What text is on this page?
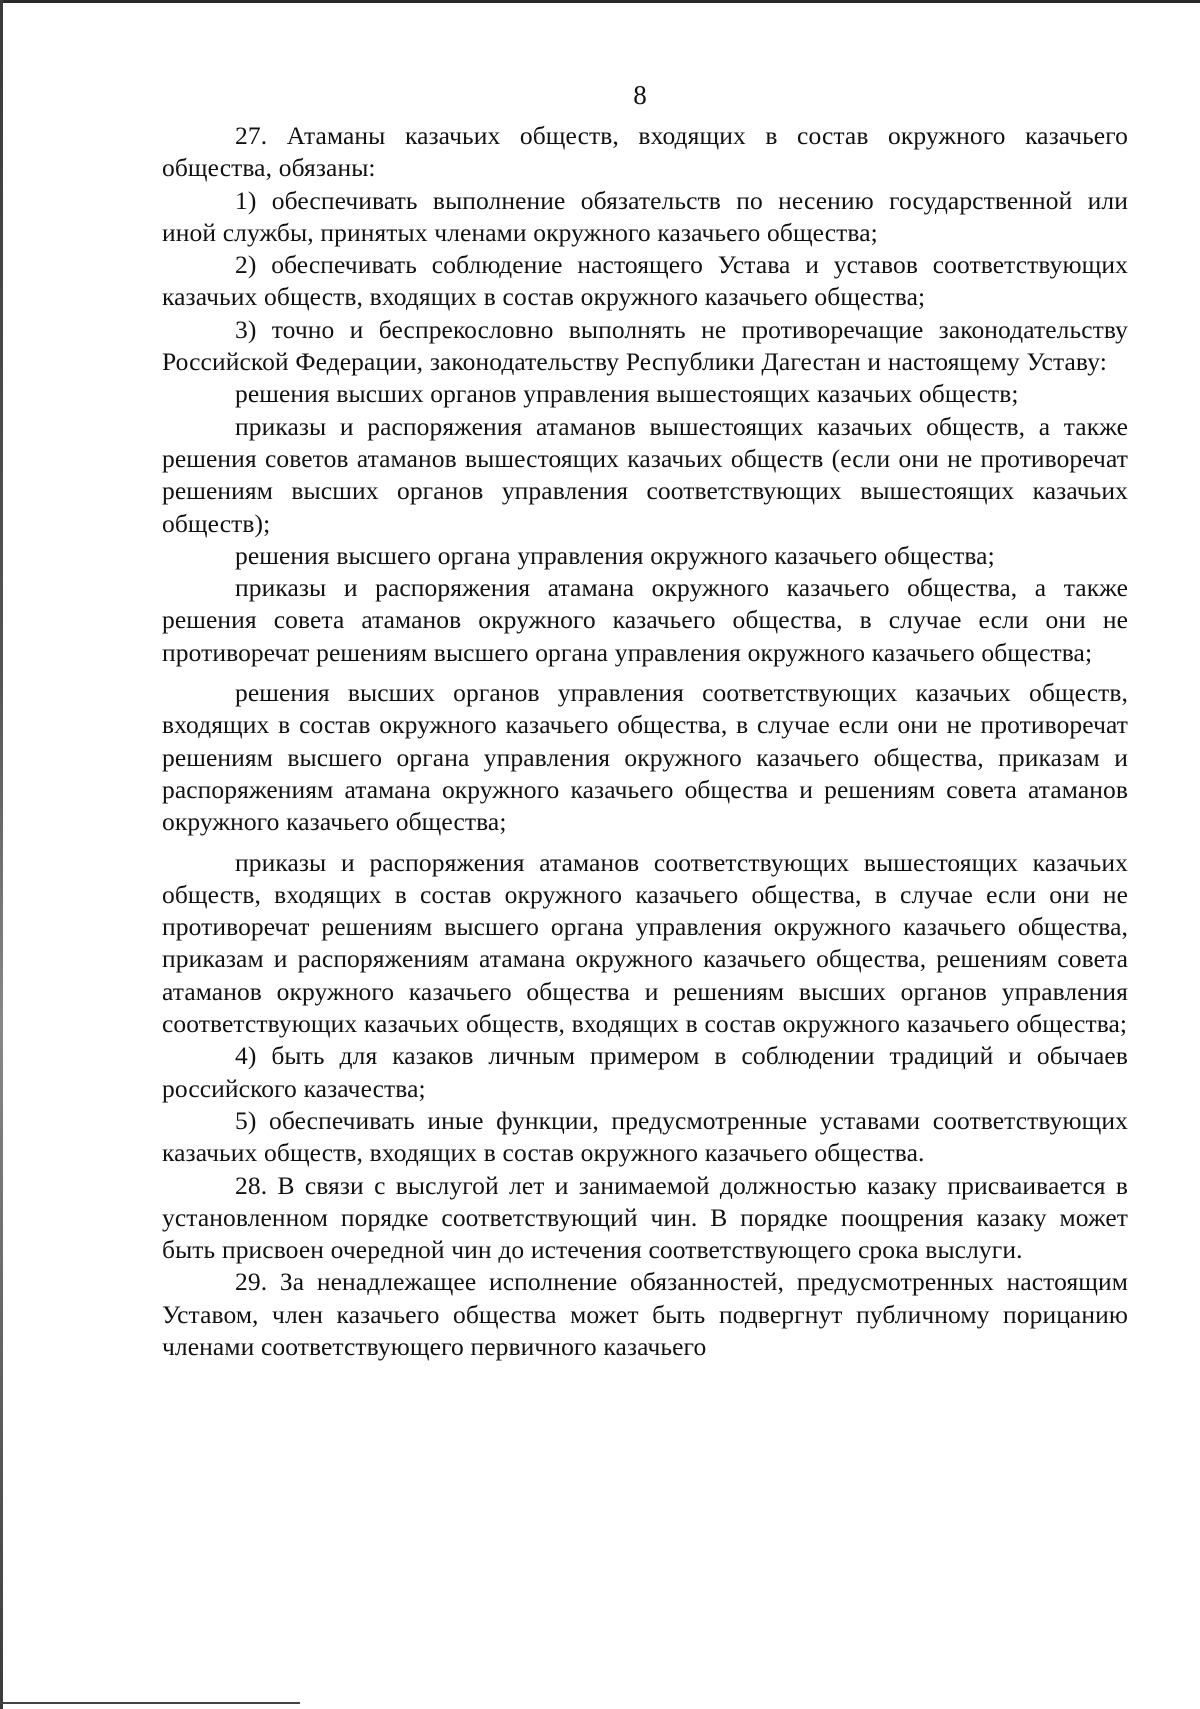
8

27. Атаманы казачьих обществ, входящих в состав окружного казачьего общества, обязаны:

1) обеспечивать выполнение обязательств по несению государственной или иной службы, принятых членами окружного казачьего общества;

2) обеспечивать соблюдение настоящего Устава и уставов соответствующих казачьих обществ, входящих в состав окружного казачьего общества;

3) точно и беспрекословно выполнять не противоречащие законодательству Российской Федерации, законодательству Республики Дагестан и настоящему Уставу:

решения высших органов управления вышестоящих казачьих обществ;

приказы и распоряжения атаманов вышестоящих казачьих обществ, а также решения советов атаманов вышестоящих казачьих обществ (если они не противоречат решениям высших органов управления соответствующих вышестоящих казачьих обществ);

решения высшего органа управления окружного казачьего общества;

приказы и распоряжения атамана окружного казачьего общества, а также решения совета атаманов окружного казачьего общества, в случае если они не противоречат решениям высшего органа управления окружного казачьего общества;

решения высших органов управления соответствующих казачьих обществ, входящих в состав окружного казачьего общества, в случае если они не противоречат решениям высшего органа управления окружного казачьего общества, приказам и распоряжениям атамана окружного казачьего общества и решениям совета атаманов окружного казачьего общества;

приказы и распоряжения атаманов соответствующих вышестоящих казачьих обществ, входящих в состав окружного казачьего общества, в случае если они не противоречат решениям высшего органа управления окружного казачьего общества, приказам и распоряжениям атамана окружного казачьего общества, решениям совета атаманов окружного казачьего общества и решениям высших органов управления соответствующих казачьих обществ, входящих в состав окружного казачьего общества;

4) быть для казаков личным примером в соблюдении традиций и обычаев российского казачества;

5) обеспечивать иные функции, предусмотренные уставами соответствующих казачьих обществ, входящих в состав окружного казачьего общества.

28. В связи с выслугой лет и занимаемой должностью казаку присваивается в установленном порядке соответствующий чин. В порядке поощрения казаку может быть присвоен очередной чин до истечения соответствующего срока выслуги.

29. За ненадлежащее исполнение обязанностей, предусмотренных настоящим Уставом, член казачьего общества может быть подвергнут публичному порицанию членами соответствующего первичного казачьего
